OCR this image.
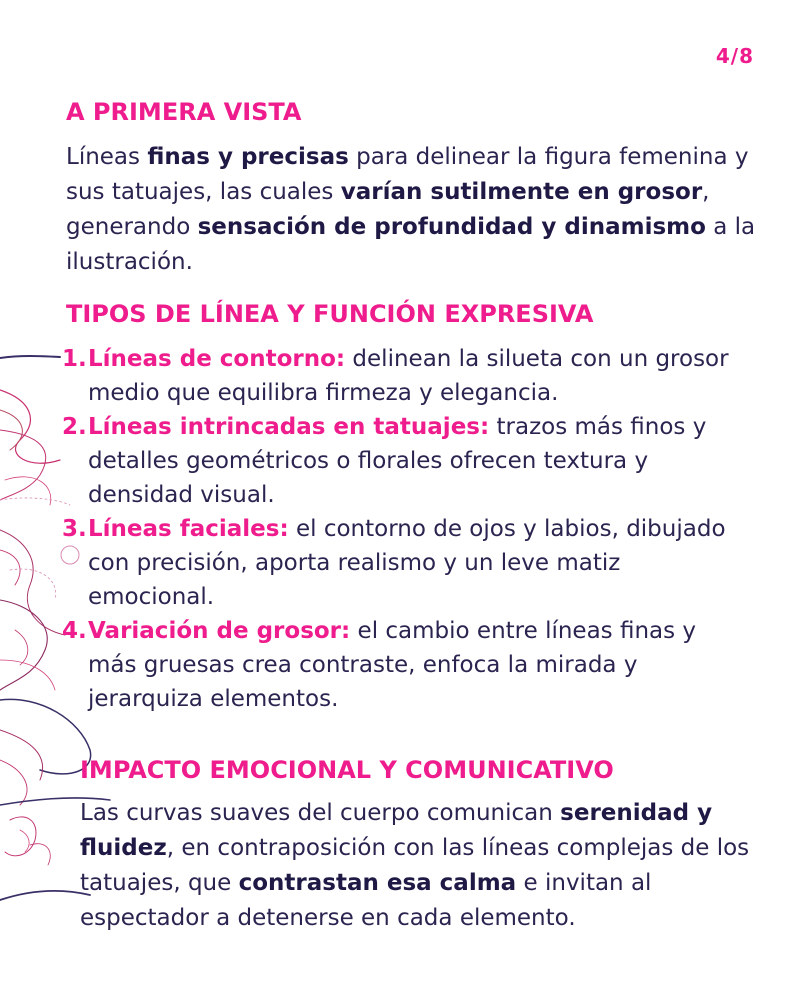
4/8
A PRIMERA VISTA

Líneas finas y precisas para delinear la figura femenina y sus tatuajes, las cuales varían sutilmente en grosor, generando sensación de profundidad y dinamismo a la ilustración.

TIPOS DE LÍNEA Y FUNCIÓN EXPRESIVA
1. Líneas de contorno: delinean la silueta con un grosor medio que equilibra firmeza y elegancia.
2. Líneas intrincadas en tatuajes: trazos más finos y detalles geométricos o florales ofrecen textura y densidad visual.
3. Líneas faciales: el contorno de ojos y labios, dibujado con precisión, aporta realismo y un leve matiz emocional.
4. Variación de grosor: el cambio entre líneas finas y más gruesas crea contraste, enfoca la mirada y jerarquiza elementos.
IMPACTO EMOCIONAL Y COMUNICATIVO

Las curvas suaves del cuerpo comunican serenidad y fluidez, en contraposición con las líneas complejas de los tatuajes, que contrastan esa calma e invitan al espectador a detenerse en cada elemento.
